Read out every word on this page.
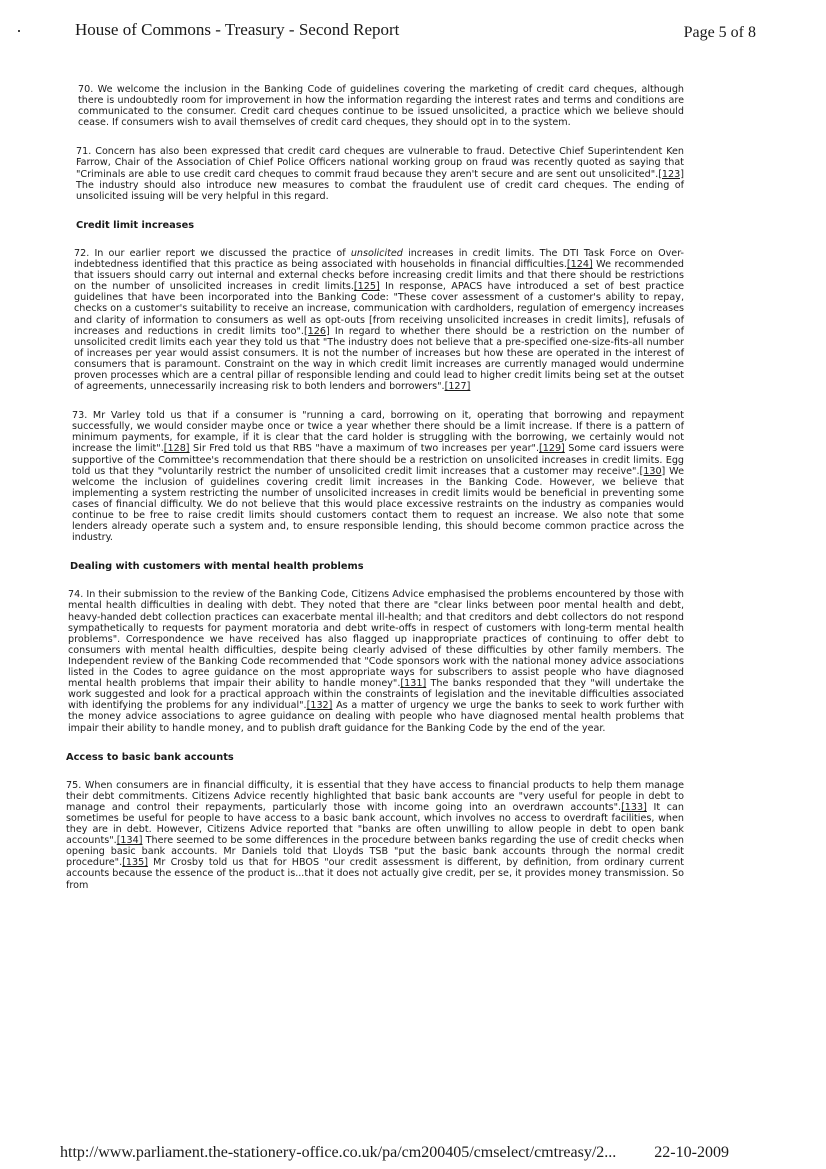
House of Commons - Treasury - Second Report	Page 5 of 8

70. We welcome the inclusion in the Banking Code of guidelines covering the marketing of credit card cheques, although there is undoubtedly room for improvement in how the information regarding the interest rates and terms and conditions are communicated to the consumer. Credit card cheques continue to be issued unsolicited, a practice which we believe should cease. If consumers wish to avail themselves of credit card cheques, they should opt in to the system.

71. Concern has also been expressed that credit card cheques are vulnerable to fraud. Detective Chief Superintendent Ken Farrow, Chair of the Association of Chief Police Officers national working group on fraud was recently quoted as saying that "Criminals are able to use credit card cheques to commit fraud because they aren't secure and are sent out unsolicited".[123] The industry should also introduce new measures to combat the fraudulent use of credit card cheques. The ending of unsolicited issuing will be very helpful in this regard.

Credit limit increases

72. In our earlier report we discussed the practice of unsolicited increases in credit limits. The DTI Task Force on Over-indebtedness identified that this practice as being associated with households in financial difficulties.[124] We recommended that issuers should carry out internal and external checks before increasing credit limits and that there should be restrictions on the number of unsolicited increases in credit limits.[125] In response, APACS have introduced a set of best practice guidelines that have been incorporated into the Banking Code: "These cover assessment of a customer's ability to repay, checks on a customer's suitability to receive an increase, communication with cardholders, regulation of emergency increases and clarity of information to consumers as well as opt-outs [from receiving unsolicited increases in credit limits], refusals of increases and reductions in credit limits too".[126] In regard to whether there should be a restriction on the number of unsolicited credit limits each year they told us that "The industry does not believe that a pre-specified one-size-fits-all number of increases per year would assist consumers. It is not the number of increases but how these are operated in the interest of consumers that is paramount. Constraint on the way in which credit limit increases are currently managed would undermine proven processes which are a central pillar of responsible lending and could lead to higher credit limits being set at the outset of agreements, unnecessarily increasing risk to both lenders and borrowers".[127]

73. Mr Varley told us that if a consumer is "running a card, borrowing on it, operating that borrowing and repayment successfully, we would consider maybe once or twice a year whether there should be a limit increase. If there is a pattern of minimum payments, for example, if it is clear that the card holder is struggling with the borrowing, we certainly would not increase the limit".[128] Sir Fred told us that RBS "have a maximum of two increases per year".[129] Some card issuers were supportive of the Committee's recommendation that there should be a restriction on unsolicited increases in credit limits. Egg told us that they "voluntarily restrict the number of unsolicited credit limit increases that a customer may receive".[130] We welcome the inclusion of guidelines covering credit limit increases in the Banking Code. However, we believe that implementing a system restricting the number of unsolicited increases in credit limits would be beneficial in preventing some cases of financial difficulty. We do not believe that this would place excessive restraints on the industry as companies would continue to be free to raise credit limits should customers contact them to request an increase. We also note that some lenders already operate such a system and, to ensure responsible lending, this should become common practice across the industry.

Dealing with customers with mental health problems

74. In their submission to the review of the Banking Code, Citizens Advice emphasised the problems encountered by those with mental health difficulties in dealing with debt. They noted that there are "clear links between poor mental health and debt, heavy-handed debt collection practices can exacerbate mental ill-health; and that creditors and debt collectors do not respond sympathetically to requests for payment moratoria and debt write-offs in respect of customers with long-term mental health problems". Correspondence we have received has also flagged up inappropriate practices of continuing to offer debt to consumers with mental health difficulties, despite being clearly advised of these difficulties by other family members. The Independent review of the Banking Code recommended that "Code sponsors work with the national money advice associations listed in the Codes to agree guidance on the most appropriate ways for subscribers to assist people who have diagnosed mental health problems that impair their ability to handle money".[131] The banks responded that they "will undertake the work suggested and look for a practical approach within the constraints of legislation and the inevitable difficulties associated with identifying the problems for any individual".[132] As a matter of urgency we urge the banks to seek to work further with the money advice associations to agree guidance on dealing with people who have diagnosed mental health problems that impair their ability to handle money, and to publish draft guidance for the Banking Code by the end of the year.

Access to basic bank accounts

75. When consumers are in financial difficulty, it is essential that they have access to financial products to help them manage their debt commitments. Citizens Advice recently highlighted that basic bank accounts are "very useful for people in debt to manage and control their repayments, particularly those with income going into an overdrawn accounts".[133] It can sometimes be useful for people to have access to a basic bank account, which involves no access to overdraft facilities, when they are in debt. However, Citizens Advice reported that "banks are often unwilling to allow people in debt to open bank accounts".[134] There seemed to be some differences in the procedure between banks regarding the use of credit checks when opening basic bank accounts. Mr Daniels told that Lloyds TSB "put the basic bank accounts through the normal credit procedure".[135] Mr Crosby told us that for HBOS "our credit assessment is different, by definition, from ordinary current accounts because the essence of the product is...that it does not actually give credit, per se, it provides money transmission. So from

http://www.parliament.the-stationery-office.co.uk/pa/cm200405/cmselect/cmtreasy/2... 22-10-2009
